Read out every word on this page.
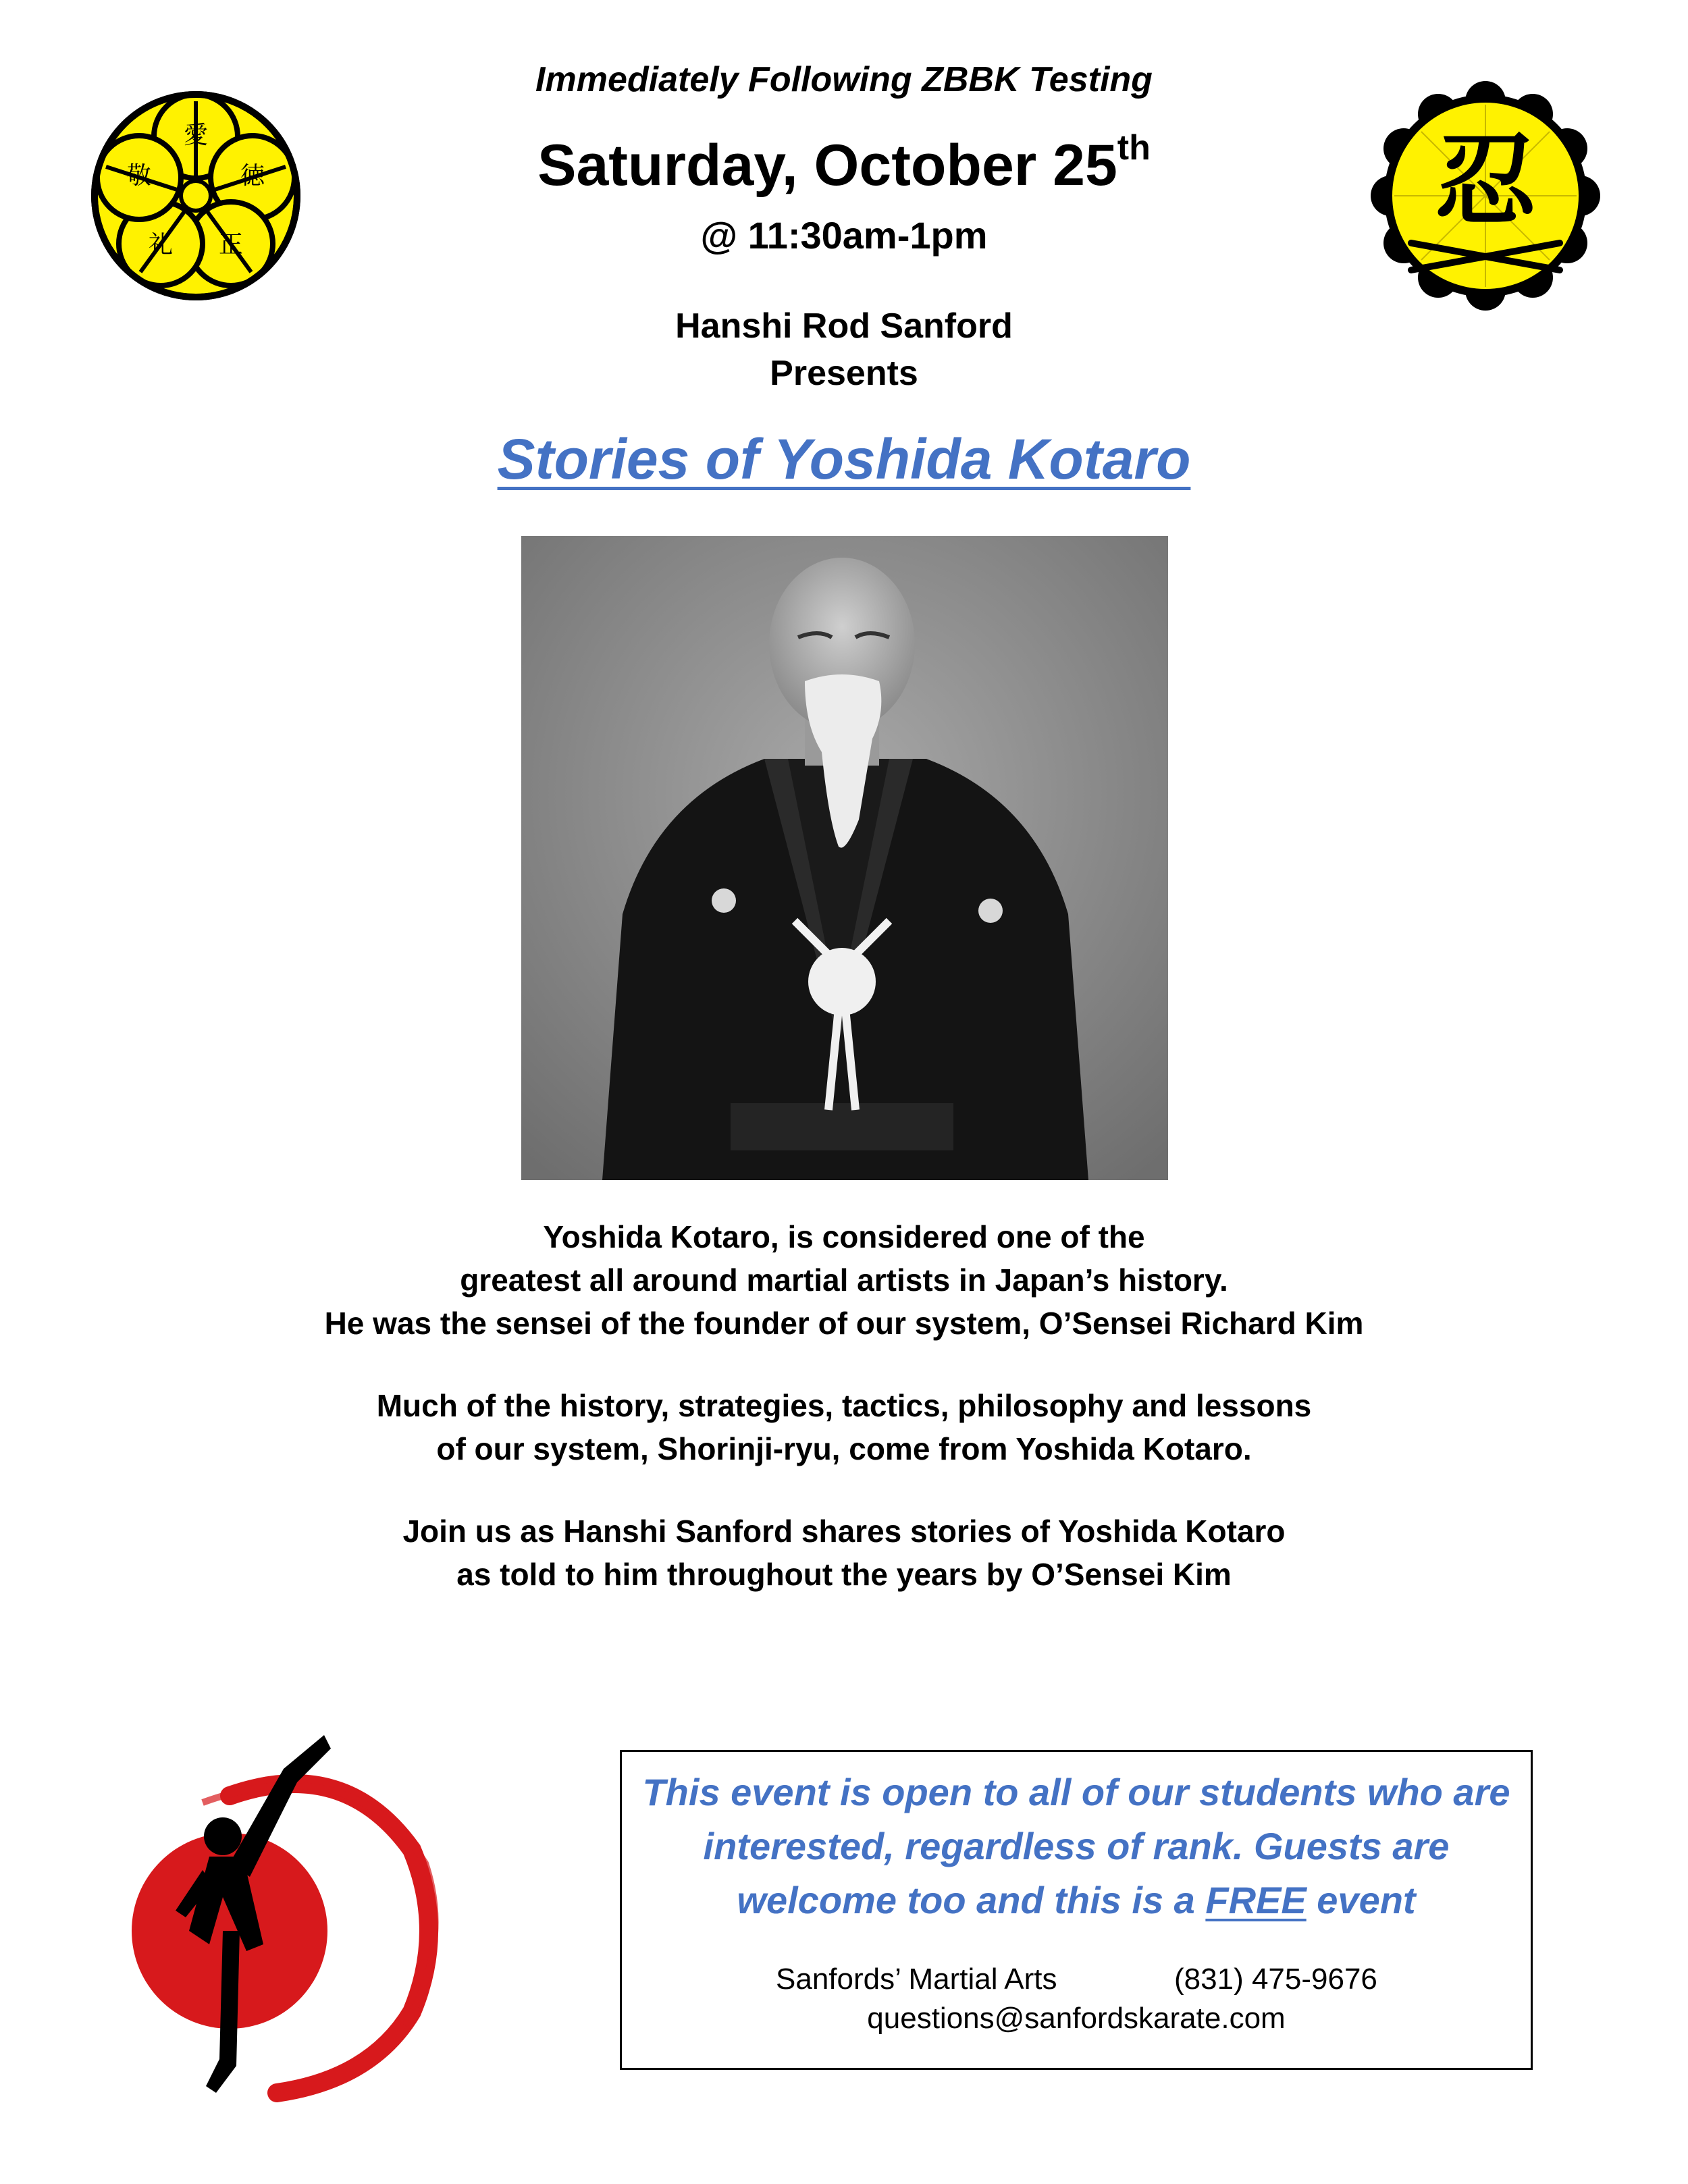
愛
徳
正
礼
敬	忍
Immediately Following ZBBK Testing
Saturday, October 25th
@ 11:30am-1pm
Hanshi Rod Sanford
Presents
Stories of Yoshida Kotaro

Yoshida Kotaro, is considered one of the
greatest all around martial artists in Japan’s history.
He was the sensei of the founder of our system, O’Sensei Richard Kim

Much of the history, strategies, tactics, philosophy and lessons
of our system, Shorinji-ryu, come from Yoshida Kotaro.

Join us as Hanshi Sanford shares stories of Yoshida Kotaro
as told to him throughout the years by O’Sensei Kim

This event is open to all of our students who are
interested, regardless of rank. Guests are
welcome too and this is a FREE event
Sanfords’ Martial Arts	(831) 475-9676
questions@sanfordskarate.com
